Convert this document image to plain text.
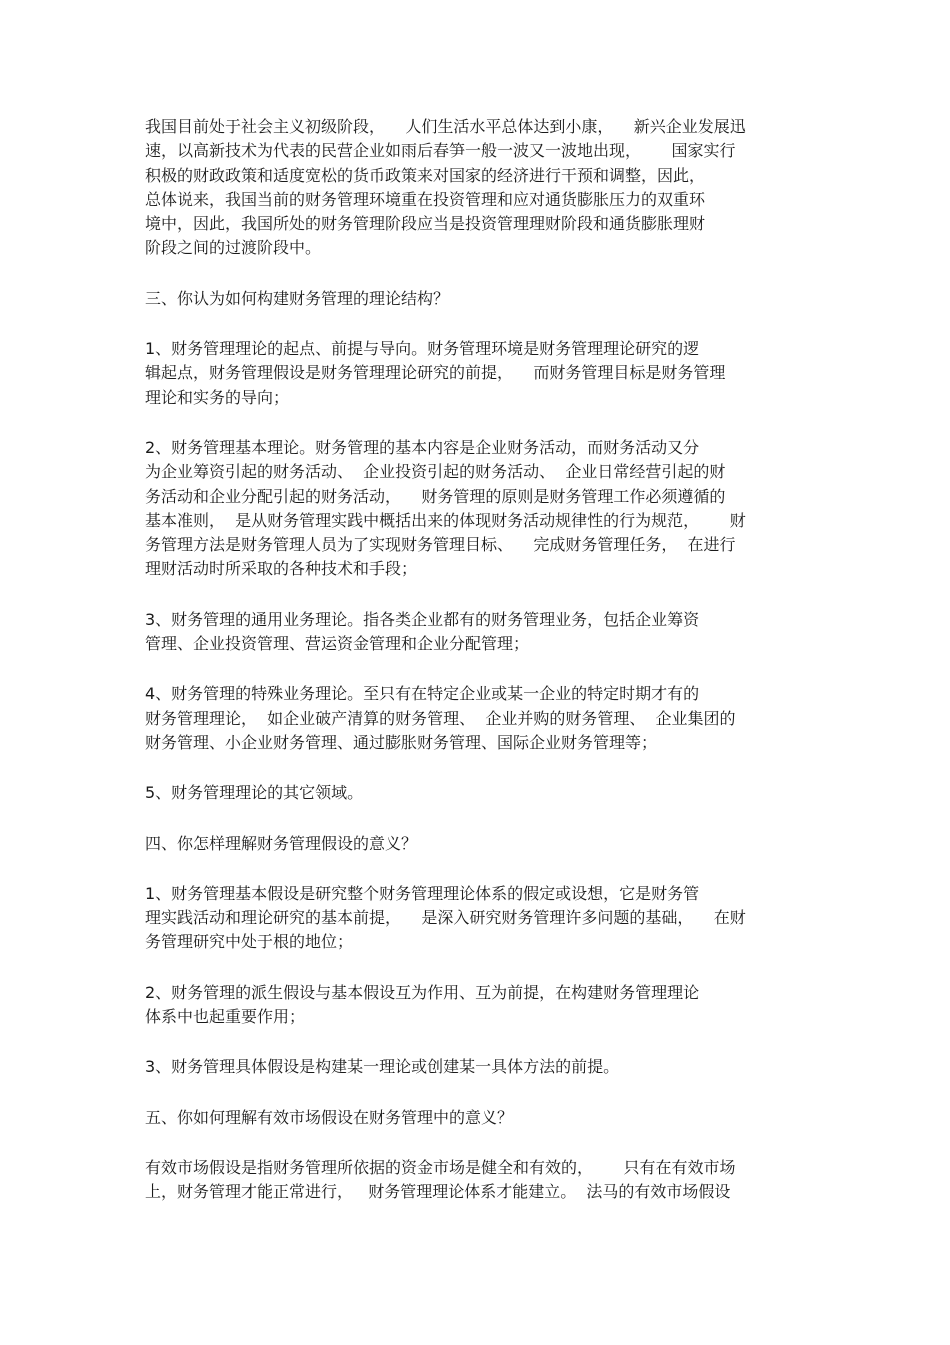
我国目前处于社会主义初级阶段，    人们生活水平总体达到小康，    新兴企业发展迅
速，以高新技术为代表的民营企业如雨后春笋一般一波又一波地出现，      国家实行
积极的财政政策和适度宽松的货币政策来对国家的经济进行干预和调整，因此，
总体说来，我国当前的财务管理环境重在投资管理和应对通货膨胀压力的双重环
境中，因此，我国所处的财务管理阶段应当是投资管理理财阶段和通货膨胀理财
阶段之间的过渡阶段中。
三、你认为如何构建财务管理的理论结构？
1、财务管理理论的起点、前提与导向。财务管理环境是财务管理理论研究的逻
辑起点，财务管理假设是财务管理理论研究的前提，    而财务管理目标是财务管理
理论和实务的导向；
2、财务管理基本理论。财务管理的基本内容是企业财务活动，而财务活动又分
为企业筹资引起的财务活动、  企业投资引起的财务活动、  企业日常经营引起的财
务活动和企业分配引起的财务活动，    财务管理的原则是财务管理工作必须遵循的
基本准则，  是从财务管理实践中概括出来的体现财务活动规律性的行为规范，      财
务管理方法是财务管理人员为了实现财务管理目标、    完成财务管理任务，  在进行
理财活动时所采取的各种技术和手段；
3、财务管理的通用业务理论。指各类企业都有的财务管理业务，包括企业筹资
管理、企业投资管理、营运资金管理和企业分配管理；
4、财务管理的特殊业务理论。至只有在特定企业或某一企业的特定时期才有的
财务管理理论，  如企业破产清算的财务管理、  企业并购的财务管理、  企业集团的
财务管理、小企业财务管理、通过膨胀财务管理、国际企业财务管理等；
5、财务管理理论的其它领域。
四、你怎样理解财务管理假设的意义？
1、财务管理基本假设是研究整个财务管理理论体系的假定或设想，它是财务管
理实践活动和理论研究的基本前提，    是深入研究财务管理许多问题的基础，    在财
务管理研究中处于根的地位；
2、财务管理的派生假设与基本假设互为作用、互为前提，在构建财务管理理论
体系中也起重要作用；
3、财务管理具体假设是构建某一理论或创建某一具体方法的前提。
五、你如何理解有效市场假设在财务管理中的意义？
有效市场假设是指财务管理所依据的资金市场是健全和有效的，      只有在有效市场
上，财务管理才能正常进行，   财务管理理论体系才能建立。  法马的有效市场假设
